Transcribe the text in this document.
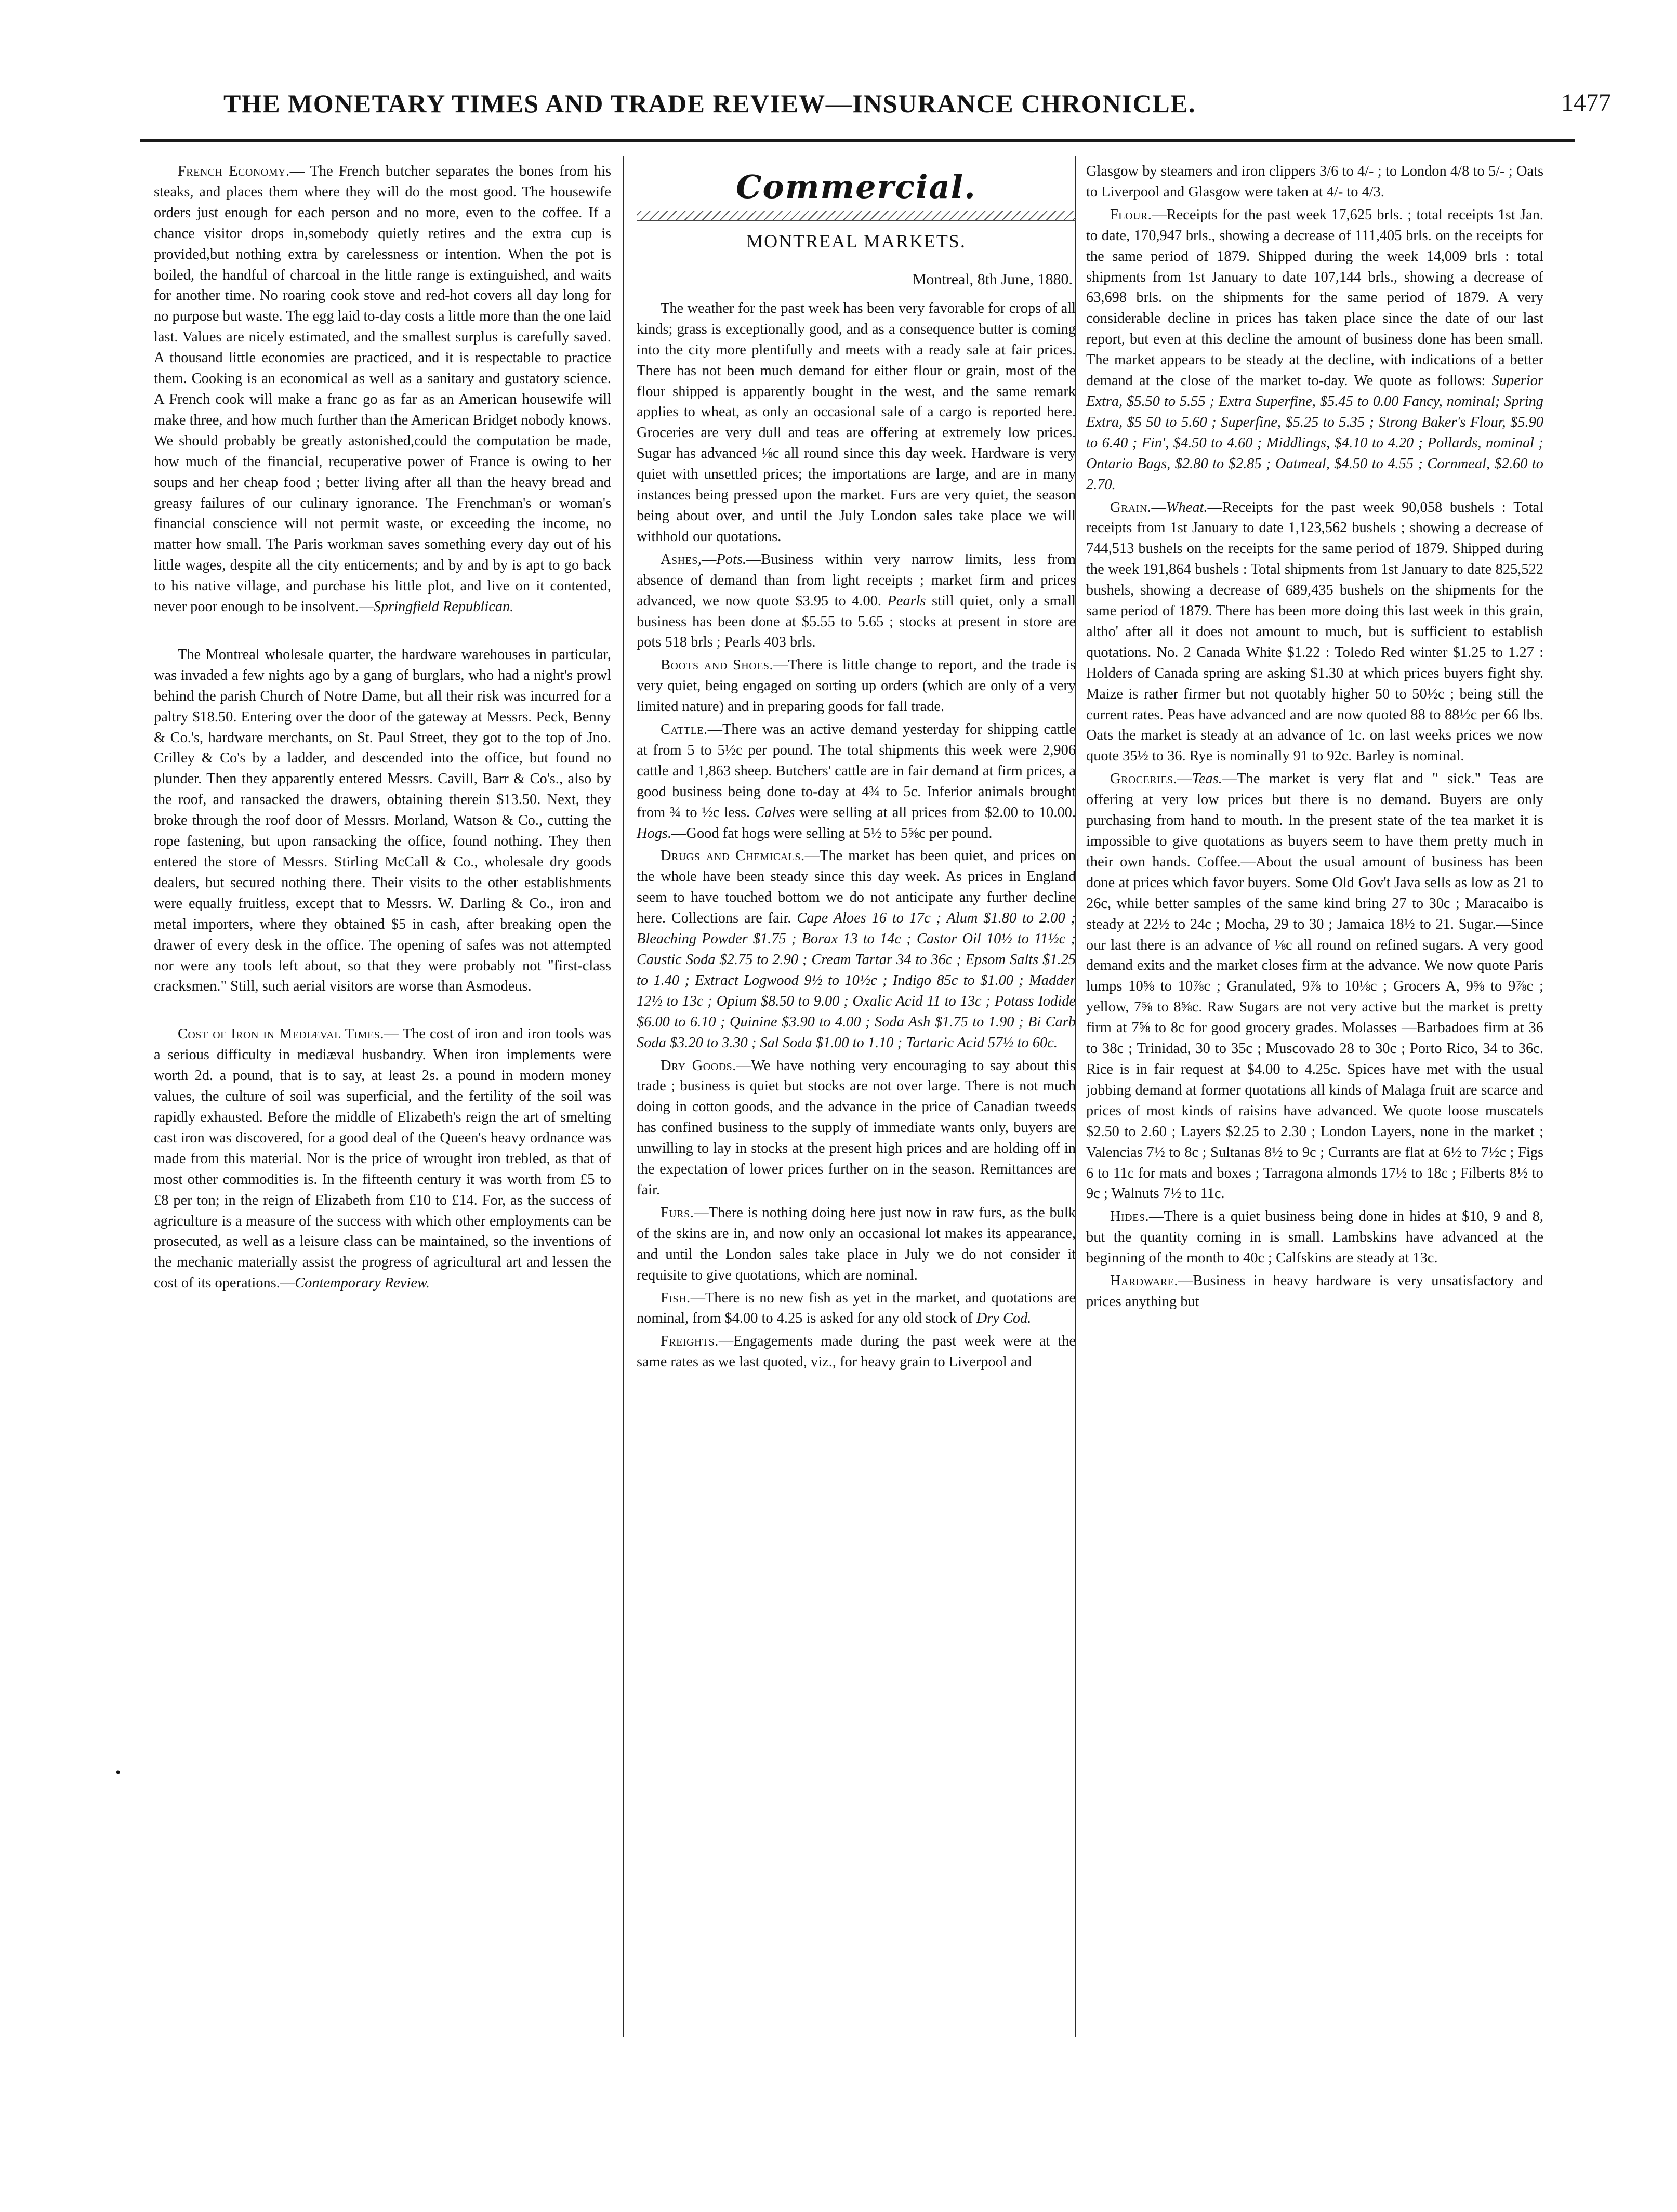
THE MONETARY TIMES AND TRADE REVIEW—INSURANCE CHRONICLE.	1477
•

French Economy.— The French butcher separates the bones from his steaks, and places them where they will do the most good. The housewife orders just enough for each person and no more, even to the coffee. If a chance visitor drops in,somebody quietly retires and the extra cup is provided,but nothing extra by carelessness or intention. When the pot is boiled, the handful of charcoal in the little range is extinguished, and waits for another time. No roaring cook stove and red-hot covers all day long for no purpose but waste. The egg laid to-day costs a little more than the one laid last. Values are nicely estimated, and the smallest surplus is carefully saved. A thousand little economies are practiced, and it is respectable to practice them. Cooking is an economical as well as a sanitary and gustatory science. A French cook will make a franc go as far as an American housewife will make three, and how much further than the American Bridget nobody knows. We should probably be greatly astonished,could the computation be made, how much of the financial, recuperative power of France is owing to her soups and her cheap food ; better living after all than the heavy bread and greasy failures of our culinary ignorance. The Frenchman's or woman's financial conscience will not permit waste, or exceeding the income, no matter how small. The Paris workman saves something every day out of his little wages, despite all the city enticements; and by and by is apt to go back to his native village, and purchase his little plot, and live on it contented, never poor enough to be insolvent.—Springfield Republican.

The Montreal wholesale quarter, the hardware warehouses in particular, was invaded a few nights ago by a gang of burglars, who had a night's prowl behind the parish Church of Notre Dame, but all their risk was incurred for a paltry $18.50. Entering over the door of the gateway at Messrs. Peck, Benny & Co.'s, hardware merchants, on St. Paul Street, they got to the top of Jno. Crilley & Co's by a ladder, and descended into the office, but found no plunder. Then they apparently entered Messrs. Cavill, Barr & Co's., also by the roof, and ransacked the drawers, obtaining therein $13.50. Next, they broke through the roof door of Messrs. Morland, Watson & Co., cutting the rope fastening, but upon ransacking the office, found nothing. They then entered the store of Messrs. Stirling McCall & Co., wholesale dry goods dealers, but secured nothing there. Their visits to the other establishments were equally fruitless, except that to Messrs. W. Darling & Co., iron and metal importers, where they obtained $5 in cash, after breaking open the drawer of every desk in the office. The opening of safes was not attempted nor were any tools left about, so that they were probably not "first-class cracksmen." Still, such aerial visitors are worse than Asmodeus.

Cost of Iron in Mediæval Times.— The cost of iron and iron tools was a serious difficulty in mediæval husbandry. When iron implements were worth 2d. a pound, that is to say, at least 2s. a pound in modern money values, the culture of soil was superficial, and the fertility of the soil was rapidly exhausted. Before the middle of Elizabeth's reign the art of smelting cast iron was discovered, for a good deal of the Queen's heavy ordnance was made from this material. Nor is the price of wrought iron trebled, as that of most other commodities is. In the fifteenth century it was worth from £5 to £8 per ton; in the reign of Elizabeth from £10 to £14. For, as the success of agriculture is a measure of the success with which other employments can be prosecuted, as well as a leisure class can be maintained, so the inventions of the mechanic materially assist the progress of agricultural art and lessen the cost of its operations.—Contemporary Review.

Commercial.
MONTREAL MARKETS.
Montreal, 8th June, 1880.

The weather for the past week has been very favorable for crops of all kinds; grass is exceptionally good, and as a consequence butter is coming into the city more plentifully and meets with a ready sale at fair prices. There has not been much demand for either flour or grain, most of the flour shipped is apparently bought in the west, and the same remark applies to wheat, as only an occasional sale of a cargo is reported here. Groceries are very dull and teas are offering at extremely low prices. Sugar has advanced ⅛c all round since this day week. Hardware is very quiet with unsettled prices; the importations are large, and are in many instances being pressed upon the market. Furs are very quiet, the season being about over, and until the July London sales take place we will withhold our quotations.

Ashes,—Pots.—Business within very narrow limits, less from absence of demand than from light receipts ; market firm and prices advanced, we now quote $3.95 to 4.00. Pearls still quiet, only a small business has been done at $5.55 to 5.65 ; stocks at present in store are pots 518 brls ; Pearls 403 brls.

Boots and Shoes.—There is little change to report, and the trade is very quiet, being engaged on sorting up orders (which are only of a very limited nature) and in preparing goods for fall trade.

Cattle.—There was an active demand yesterday for shipping cattle at from 5 to 5½c per pound. The total shipments this week were 2,906 cattle and 1,863 sheep. Butchers' cattle are in fair demand at firm prices, a good business being done to-day at 4¾ to 5c. Inferior animals brought from ¾ to ½c less. Calves were selling at all prices from $2.00 to 10.00. Hogs.—Good fat hogs were selling at 5½ to 5⅝c per pound.

Drugs and Chemicals.—The market has been quiet, and prices on the whole have been steady since this day week. As prices in England seem to have touched bottom we do not anticipate any further decline here. Collections are fair. Cape Aloes 16 to 17c ; Alum $1.80 to 2.00 ; Bleaching Powder $1.75 ; Borax 13 to 14c ; Castor Oil 10½ to 11½c ; Caustic Soda $2.75 to 2.90 ; Cream Tartar 34 to 36c ; Epsom Salts $1.25 to 1.40 ; Extract Logwood 9½ to 10½c ; Indigo 85c to $1.00 ; Madder 12½ to 13c ; Opium $8.50 to 9.00 ; Oxalic Acid 11 to 13c ; Potass Iodide $6.00 to 6.10 ; Quinine $3.90 to 4.00 ; Soda Ash $1.75 to 1.90 ; Bi Carb Soda $3.20 to 3.30 ; Sal Soda $1.00 to 1.10 ; Tartaric Acid 57½ to 60c.

Dry Goods.—We have nothing very encouraging to say about this trade ; business is quiet but stocks are not over large. There is not much doing in cotton goods, and the advance in the price of Canadian tweeds has confined business to the supply of immediate wants only, buyers are unwilling to lay in stocks at the present high prices and are holding off in the expectation of lower prices further on in the season. Remittances are fair.

Furs.—There is nothing doing here just now in raw furs, as the bulk of the skins are in, and now only an occasional lot makes its appearance, and until the London sales take place in July we do not consider it requisite to give quotations, which are nominal.

Fish.—There is no new fish as yet in the market, and quotations are nominal, from $4.00 to 4.25 is asked for any old stock of Dry Cod.

Freights.—Engagements made during the past week were at the same rates as we last quoted, viz., for heavy grain to Liverpool and

Glasgow by steamers and iron clippers 3/6 to 4/- ; to London 4/8 to 5/- ; Oats to Liverpool and Glasgow were taken at 4/- to 4/3.

Flour.—Receipts for the past week 17,625 brls. ; total receipts 1st Jan. to date, 170,947 brls., showing a decrease of 111,405 brls. on the receipts for the same period of 1879. Shipped during the week 14,009 brls : total shipments from 1st January to date 107,144 brls., showing a decrease of 63,698 brls. on the shipments for the same period of 1879. A very considerable decline in prices has taken place since the date of our last report, but even at this decline the amount of business done has been small. The market appears to be steady at the decline, with indications of a better demand at the close of the market to-day. We quote as follows: Superior Extra, $5.50 to 5.55 ; Extra Superfine, $5.45 to 0.00 Fancy, nominal; Spring Extra, $5 50 to 5.60 ; Superfine, $5.25 to 5.35 ; Strong Baker's Flour, $5.90 to 6.40 ; Fin', $4.50 to 4.60 ; Middlings, $4.10 to 4.20 ; Pollards, nominal ; Ontario Bags, $2.80 to $2.85 ; Oatmeal, $4.50 to 4.55 ; Cornmeal, $2.60 to 2.70.

Grain.—Wheat.—Receipts for the past week 90,058 bushels : Total receipts from 1st January to date 1,123,562 bushels ; showing a decrease of 744,513 bushels on the receipts for the same period of 1879. Shipped during the week 191,864 bushels : Total shipments from 1st January to date 825,522 bushels, showing a decrease of 689,435 bushels on the shipments for the same period of 1879. There has been more doing this last week in this grain, altho' after all it does not amount to much, but is sufficient to establish quotations. No. 2 Canada White $1.22 : Toledo Red winter $1.25 to 1.27 : Holders of Canada spring are asking $1.30 at which prices buyers fight shy. Maize is rather firmer but not quotably higher 50 to 50½c ; being still the current rates. Peas have advanced and are now quoted 88 to 88½c per 66 lbs. Oats the market is steady at an advance of 1c. on last weeks prices we now quote 35½ to 36. Rye is nominally 91 to 92c. Barley is nominal.

Groceries.—Teas.—The market is very flat and " sick." Teas are offering at very low prices but there is no demand. Buyers are only purchasing from hand to mouth. In the present state of the tea market it is impossible to give quotations as buyers seem to have them pretty much in their own hands. Coffee.—About the usual amount of business has been done at prices which favor buyers. Some Old Gov't Java sells as low as 21 to 26c, while better samples of the same kind bring 27 to 30c ; Maracaibo is steady at 22½ to 24c ; Mocha, 29 to 30 ; Jamaica 18½ to 21. Sugar.—Since our last there is an advance of ⅛c all round on refined sugars. A very good demand exits and the market closes firm at the advance. We now quote Paris lumps 10⅝ to 10⅞c ; Granulated, 9⅞ to 10⅛c ; Grocers A, 9⅝ to 9⅞c ; yellow, 7⅝ to 8⅝c. Raw Sugars are not very active but the market is pretty firm at 7⅝ to 8c for good grocery grades. Molasses —Barbadoes firm at 36 to 38c ; Trinidad, 30 to 35c ; Muscovado 28 to 30c ; Porto Rico, 34 to 36c. Rice is in fair request at $4.00 to 4.25c. Spices have met with the usual jobbing demand at former quotations all kinds of Malaga fruit are scarce and prices of most kinds of raisins have advanced. We quote loose muscatels $2.50 to 2.60 ; Layers $2.25 to 2.30 ; London Layers, none in the market ; Valencias 7½ to 8c ; Sultanas 8½ to 9c ; Currants are flat at 6½ to 7½c ; Figs 6 to 11c for mats and boxes ; Tarragona almonds 17½ to 18c ; Filberts 8½ to 9c ; Walnuts 7½ to 11c.

Hides.—There is a quiet business being done in hides at $10, 9 and 8, but the quantity coming in is small. Lambskins have advanced at the beginning of the month to 40c ; Calfskins are steady at 13c.

Hardware.—Business in heavy hardware is very unsatisfactory and prices anything but
